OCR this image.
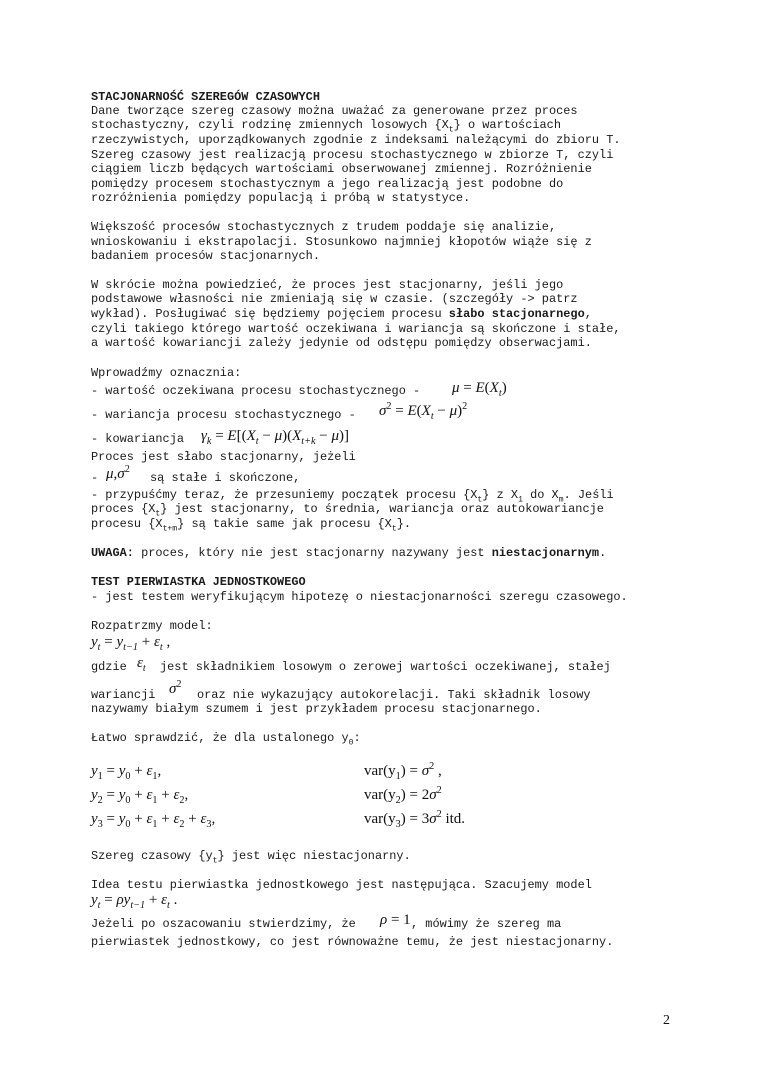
STACJONARNOŚĆ SZEREGÓW CZASOWYCH
Dane tworzące szereg czasowy można uważać za generowane przez proces
stochastyczny, czyli rodzinę zmiennych losowych $\{X_t\}$ o wartościach
rzeczywistych, uporządkowanych zgodnie z indeksami należącymi do zbioru T.
Szereg czasowy jest realizacją procesu stochastycznego w zbiorze T, czyli
ciągiem liczb będących wartościami obserwowanej zmiennej. Rozróżnienie
pomiędzy procesem stochastycznym a jego realizacją jest podobne do
rozróżnienia pomiędzy populacją i próbą w statystyce.
Większość procesów stochastycznych z trudem poddaje się analizie,
wnioskowaniu i ekstrapolacji. Stosunkowo najmniej kłopotów wiąże się z
badaniem procesów stacjonarnych.
W skrócie można powiedzieć, że proces jest stacjonarny, jeśli jego
podstawowe własności nie zmieniają się w czasie. (szczegóły -> patrz
wykład). Posługiwać się będziemy pojęciem procesu słabo stacjonarnego,
czyli takiego którego wartość oczekiwana i wariancja są skończone i stałe,
a wartość kowariancji zależy jedynie od odstępu pomiędzy obserwacjami.
Wprowadźmy oznacznia:
- wartość oczekiwana procesu stochastycznego - $\mu = E(X_t)$
- wariancja procesu stochastycznego - $\sigma^2 = E(X_t - \mu)^2$
- kowariancja $\gamma_k = E[(X_t - \mu)(X_{t+k} - \mu)]$
Proces jest słabo stacjonarny, jeżeli
- $\mu,\sigma^2$
są stałe i skończone,
- przypuśćmy teraz, że przesuniemy początek procesu $\{X_t\}$ z $X_1$ do $X_m$. Jeśli
proces $\{X_t\}$ jest stacjonarny, to średnia, wariancja oraz autokowariancje
procesu $\{X_{t+m}\}$ są takie same jak procesu $\{X_t\}$.
UWAGA: proces, który nie jest stacjonarny nazywany jest niestacjonarnym.
TEST PIERWIASTKA JEDNOSTKOWEGO
- jest testem weryfikującym hipotezę o niestacjonarności szeregu czasowego.
Rozpatrzmy model:
$y_t = y_{t-1} + \varepsilon_t$ ,
gdzie $\varepsilon_t$ jest składnikiem losowym o zerowej wartości oczekiwanej, stałej
wariancji $\sigma^2$
oraz nie wykazujący autokorelacji. Taki składnik losowy
nazywamy białym szumem i jest przykładem procesu stacjonarnego.
Łatwo sprawdzić, że dla ustalonego $y_0$:
$y_1 = y_0 + \varepsilon_1$,	$var(y_1) = \sigma^2$ ,
$y_2 = y_0 + \varepsilon_1 + \varepsilon_2$,	$var(y_2) = 2\sigma^2$
$y_3 = y_0 + \varepsilon_1 + \varepsilon_2 + \varepsilon_3$,	$var(y_3) = 3\sigma^2$ itd.
Szereg czasowy $\{y_t\}$ jest więc niestacjonarny.
Idea testu pierwiastka jednostkowego jest następująca. Szacujemy model
$y_t = \rho y_{t-1} + \varepsilon_t$ .
Jeżeli po oszacowaniu stwierdzimy, że ρ = 1 , mówimy że szereg ma
pierwiastek jednostkowy, co jest równoważne temu, że jest niestacjonarny.
2
